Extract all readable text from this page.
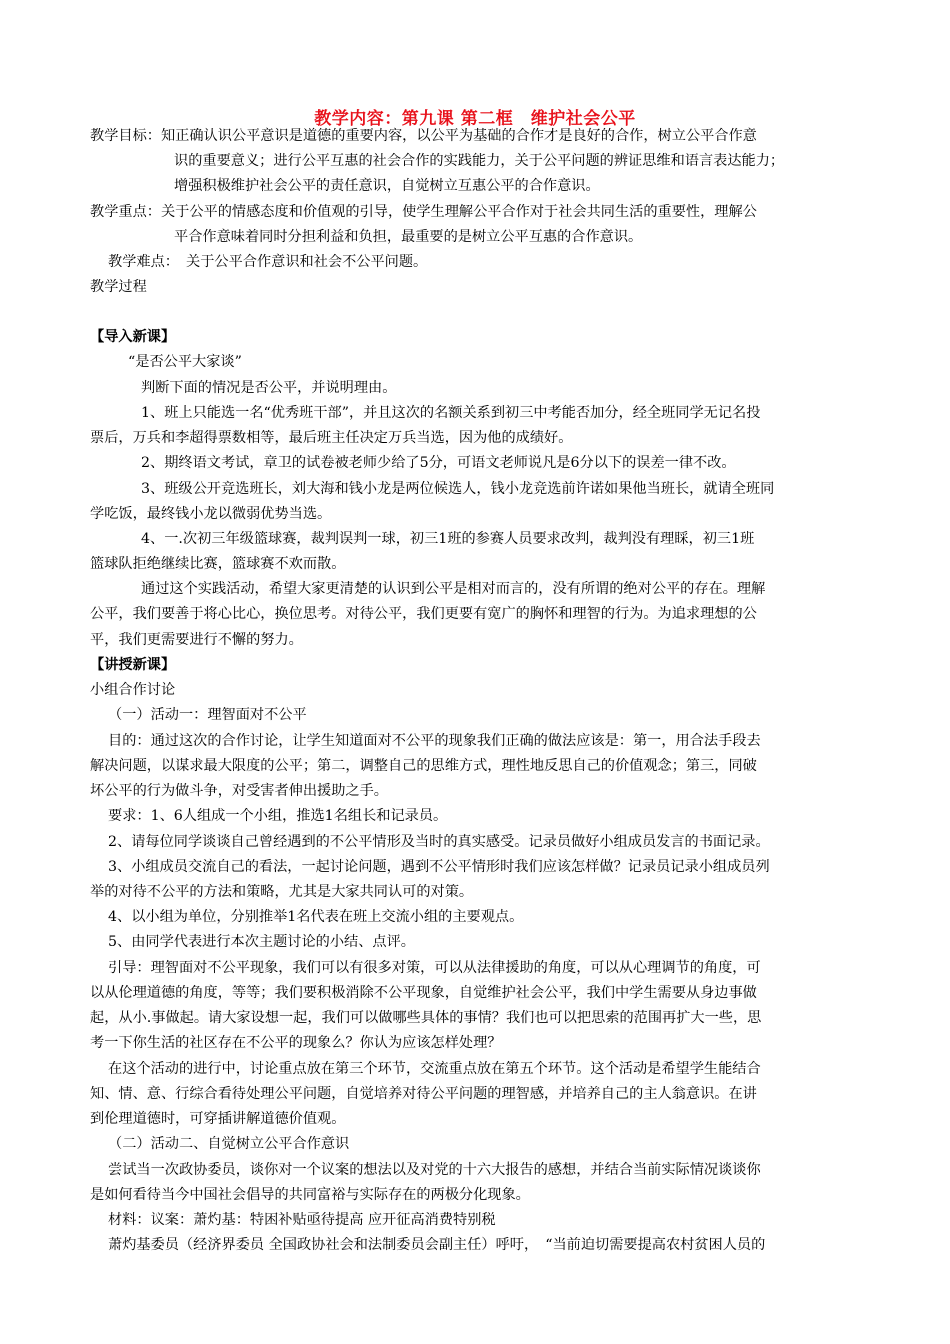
教学内容：第九课 第二框　维护社会公平
教学目标：知正确认识公平意识是道德的重要内容，以公平为基础的合作才是良好的合作，树立公平合作意
识的重要意义；进行公平互惠的社会合作的实践能力，关于公平问题的辨证思维和语言表达能力；
增强积极维护社会公平的责任意识，自觉树立互惠公平的合作意识。
教学重点：关于公平的情感态度和价值观的引导，使学生理解公平合作对于社会共同生活的重要性，理解公
平合作意味着同时分担利益和负担，最重要的是树立公平互惠的合作意识。
教学难点：　关于公平合作意识和社会不公平问题。
教学过程
【导入新课】
“是否公平大家谈”
判断下面的情况是否公平，并说明理由。
1、班上只能选一名“优秀班干部”，并且这次的名额关系到初三中考能否加分，经全班同学无记名投
票后，万兵和李超得票数相等，最后班主任决定万兵当选，因为他的成绩好。
2、期终语文考试，章卫的试卷被老师少给了5分，可语文老师说凡是6分以下的误差一律不改。
3、班级公开竞选班长，刘大海和钱小龙是两位候选人，钱小龙竞选前许诺如果他当班长，就请全班同
学吃饭，最终钱小龙以微弱优势当选。
4、一.次初三年级篮球赛，裁判误判一球，初三1班的参赛人员要求改判，裁判没有理睬，初三1班
篮球队拒绝继续比赛，篮球赛不欢而散。
通过这个实践活动，希望大家更清楚的认识到公平是相对而言的，没有所谓的绝对公平的存在。理解
公平，我们要善于将心比心，换位思考。对待公平，我们更要有宽广的胸怀和理智的行为。为追求理想的公
平，我们更需要进行不懈的努力。
【讲授新课】
小组合作讨论
（一）活动一：理智面对不公平
目的：通过这次的合作讨论，让学生知道面对不公平的现象我们正确的做法应该是：第一，用合法手段去
解决问题，以谋求最大限度的公平；第二，调整自己的思维方式，理性地反思自己的价值观念；第三，同破
坏公平的行为做斗争，对受害者伸出援助之手。
要求：1、6人组成一个小组，推选1名组长和记录员。
2、请每位同学谈谈自己曾经遇到的不公平情形及当时的真实感受。记录员做好小组成员发言的书面记录。
3、小组成员交流自己的看法，一起讨论问题，遇到不公平情形时我们应该怎样做？记录员记录小组成员列
举的对待不公平的方法和策略，尤其是大家共同认可的对策。
4、以小组为单位，分别推举1名代表在班上交流小组的主要观点。
5、由同学代表进行本次主题讨论的小结、点评。
引导：理智面对不公平现象，我们可以有很多对策，可以从法律援助的角度，可以从心理调节的角度，可
以从伦理道德的角度，等等；我们要积极消除不公平现象，自觉维护社会公平，我们中学生需要从身边事做
起，从小.事做起。请大家设想一起，我们可以做哪些具体的事情？我们也可以把思索的范围再扩大一些，思
考一下你生活的社区存在不公平的现象么？你认为应该怎样处理？
在这个活动的进行中，讨论重点放在第三个环节，交流重点放在第五个环节。这个活动是希望学生能结合
知、情、意、行综合看待处理公平问题，自觉培养对待公平问题的理智感，并培养自己的主人翁意识。在讲
到伦理道德时，可穿插讲解道德价值观。
（二）活动二、自觉树立公平合作意识
尝试当一次政协委员，谈你对一个议案的想法以及对党的十六大报告的感想，并结合当前实际情况谈谈你
是如何看待当今中国社会倡导的共同富裕与实际存在的两极分化现象。
材料：议案：萧灼基：特困补贴亟待提高 应开征高消费特别税
萧灼基委员（经济界委员 全国政协社会和法制委员会副主任）呼吁，　“当前迫切需要提高农村贫困人员的
